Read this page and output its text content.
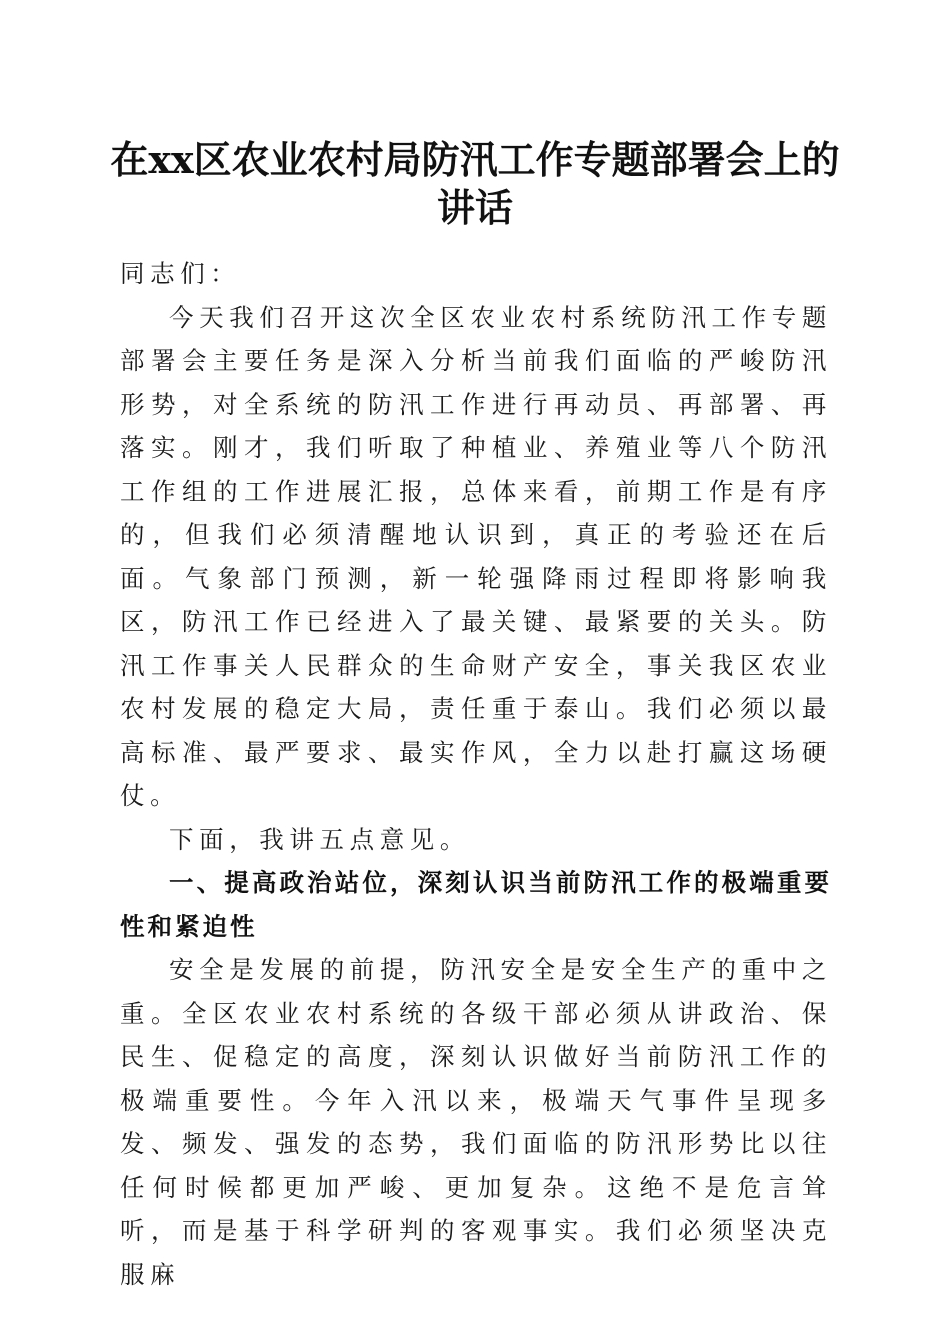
在xx区农业农村局防汛工作专题部署会上的讲话

同志们：

今天我们召开这次全区农业农村系统防汛工作专题部署会主要任务是深入分析当前我们面临的严峻防汛形势，对全系统的防汛工作进行再动员、再部署、再落实。刚才，我们听取了种植业、养殖业等八个防汛工作组的工作进展汇报，总体来看，前期工作是有序的，但我们必须清醒地认识到，真正的考验还在后面。气象部门预测，新一轮强降雨过程即将影响我区，防汛工作已经进入了最关键、最紧要的关头。防汛工作事关人民群众的生命财产安全，事关我区农业农村发展的稳定大局，责任重于泰山。我们必须以最高标准、最严要求、最实作风，全力以赴打赢这场硬仗。

下面，我讲五点意见。

一、提高政治站位，深刻认识当前防汛工作的极端重要性和紧迫性

安全是发展的前提，防汛安全是安全生产的重中之重。全区农业农村系统的各级干部必须从讲政治、保民生、促稳定的高度，深刻认识做好当前防汛工作的极端重要性。今年入汛以来，极端天气事件呈现多发、频发、强发的态势，我们面临的防汛形势比以往任何时候都更加严峻、更加复杂。这绝不是危言耸听，而是基于科学研判的客观事实。我们必须坚决克服麻
